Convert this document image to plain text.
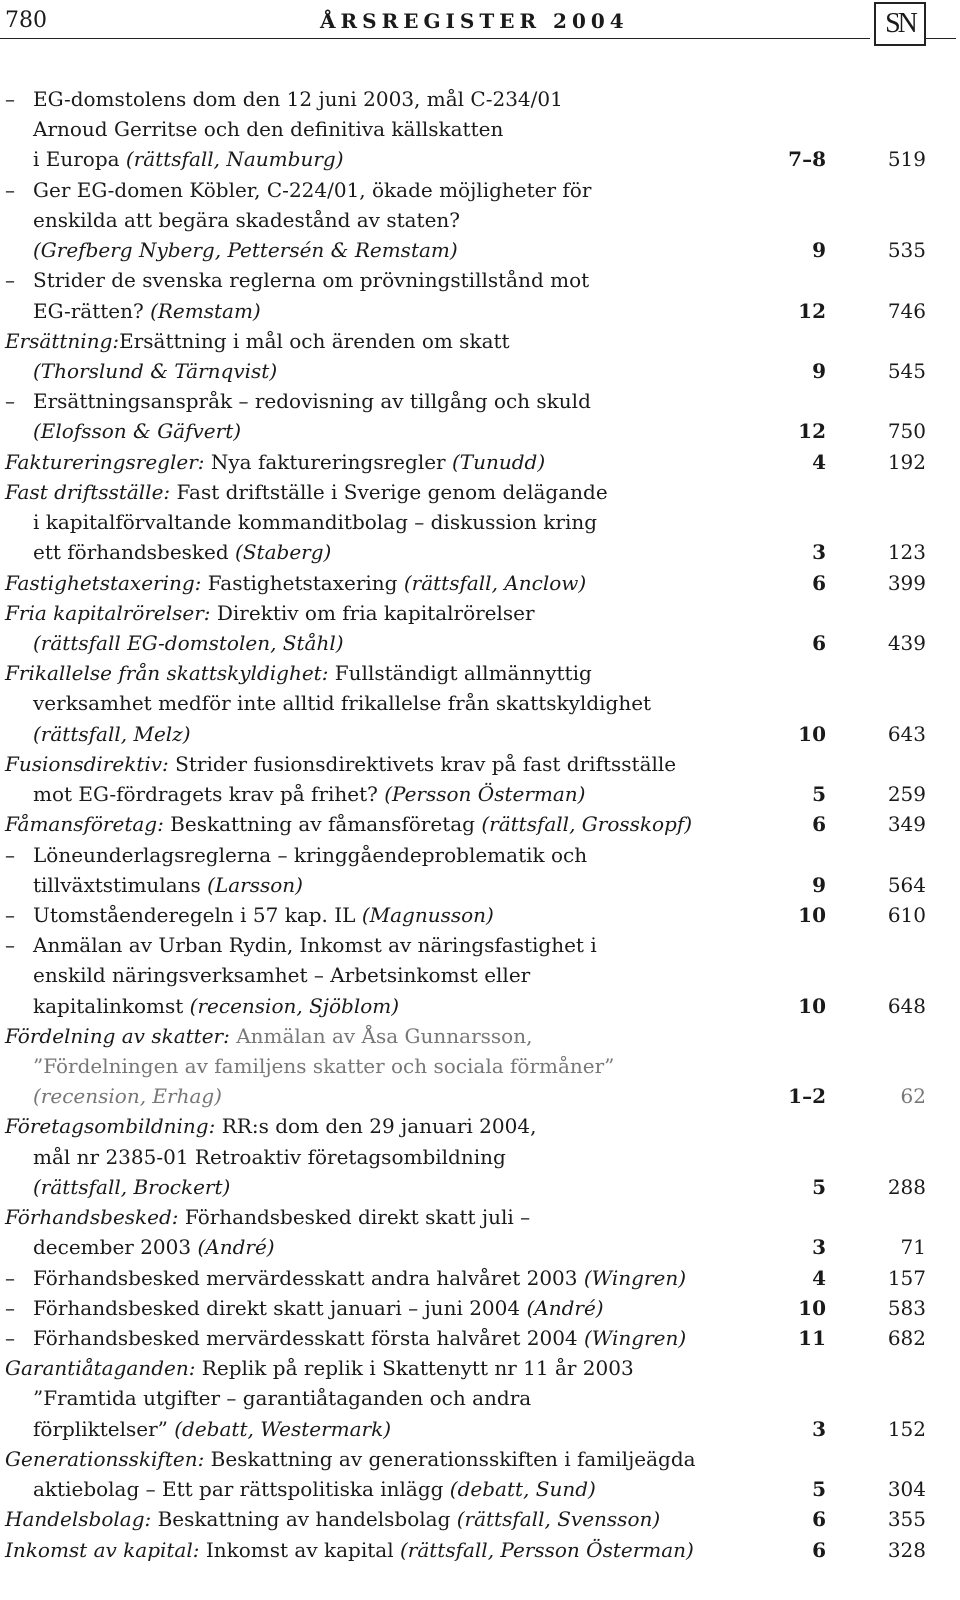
780	ÅRSREGISTER 2004	SN
– EG-domstolens dom den 12 juni 2003, mål C-234/01
Arnoud Gerritse och den definitiva källskatten
i Europa (rättsfall, Naumburg)	7–8	519
– Ger EG-domen Köbler, C-224/01, ökade möjligheter för
enskilda att begära skadestånd av staten?
(Grefberg Nyberg, Pettersén & Remstam)	9	535
– Strider de svenska reglerna om prövningstillstånd mot
EG-rätten? (Remstam)	12	746
Ersättning:Ersättning i mål och ärenden om skatt
(Thorslund & Tärnqvist)	9	545
– Ersättningsanspråk – redovisning av tillgång och skuld
(Elofsson & Gäfvert)	12	750
Faktureringsregler: Nya faktureringsregler (Tunudd)	4	192
Fast driftsställe: Fast driftställe i Sverige genom delägande
i kapitalförvaltande kommanditbolag – diskussion kring
ett förhandsbesked (Staberg)	3	123
Fastighetstaxering: Fastighetstaxering (rättsfall, Anclow)	6	399
Fria kapitalrörelser: Direktiv om fria kapitalrörelser
(rättsfall EG-domstolen, Ståhl)	6	439
Frikallelse från skattskyldighet: Fullständigt allmännyttig
verksamhet medför inte alltid frikallelse från skattskyldighet
(rättsfall, Melz)	10	643
Fusionsdirektiv: Strider fusionsdirektivets krav på fast driftsställe
mot EG-fördragets krav på frihet? (Persson Österman)	5	259
Fåmansföretag: Beskattning av fåmansföretag (rättsfall, Grosskopf)	6	349
– Löneunderlagsreglerna – kringgåendeproblematik och
tillväxtstimulans (Larsson)	9	564
– Utomståenderegeln i 57 kap. IL (Magnusson)	10	610
– Anmälan av Urban Rydin, Inkomst av näringsfastighet i
enskild näringsverksamhet – Arbetsinkomst eller
kapitalinkomst (recension, Sjöblom)	10	648
Fördelning av skatter: Anmälan av Åsa Gunnarsson,
”Fördelningen av familjens skatter och sociala förmåner”
(recension, Erhag)	1–2	62
Företagsombildning: RR:s dom den 29 januari 2004,
mål nr 2385-01 Retroaktiv företagsombildning
(rättsfall, Brockert)	5	288
Förhandsbesked: Förhandsbesked direkt skatt juli –
december 2003 (André)	3	71
– Förhandsbesked mervärdesskatt andra halvåret 2003 (Wingren)	4	157
– Förhandsbesked direkt skatt januari – juni 2004 (André)	10	583
– Förhandsbesked mervärdesskatt första halvåret 2004 (Wingren)	11	682
Garantiåtaganden: Replik på replik i Skattenytt nr 11 år 2003
”Framtida utgifter – garantiåtaganden och andra
förpliktelser” (debatt, Westermark)	3	152
Generationsskiften: Beskattning av generationsskiften i familjeägda
aktiebolag – Ett par rättspolitiska inlägg (debatt, Sund)	5	304
Handelsbolag: Beskattning av handelsbolag (rättsfall, Svensson)	6	355
Inkomst av kapital: Inkomst av kapital (rättsfall, Persson Österman)	6	328
